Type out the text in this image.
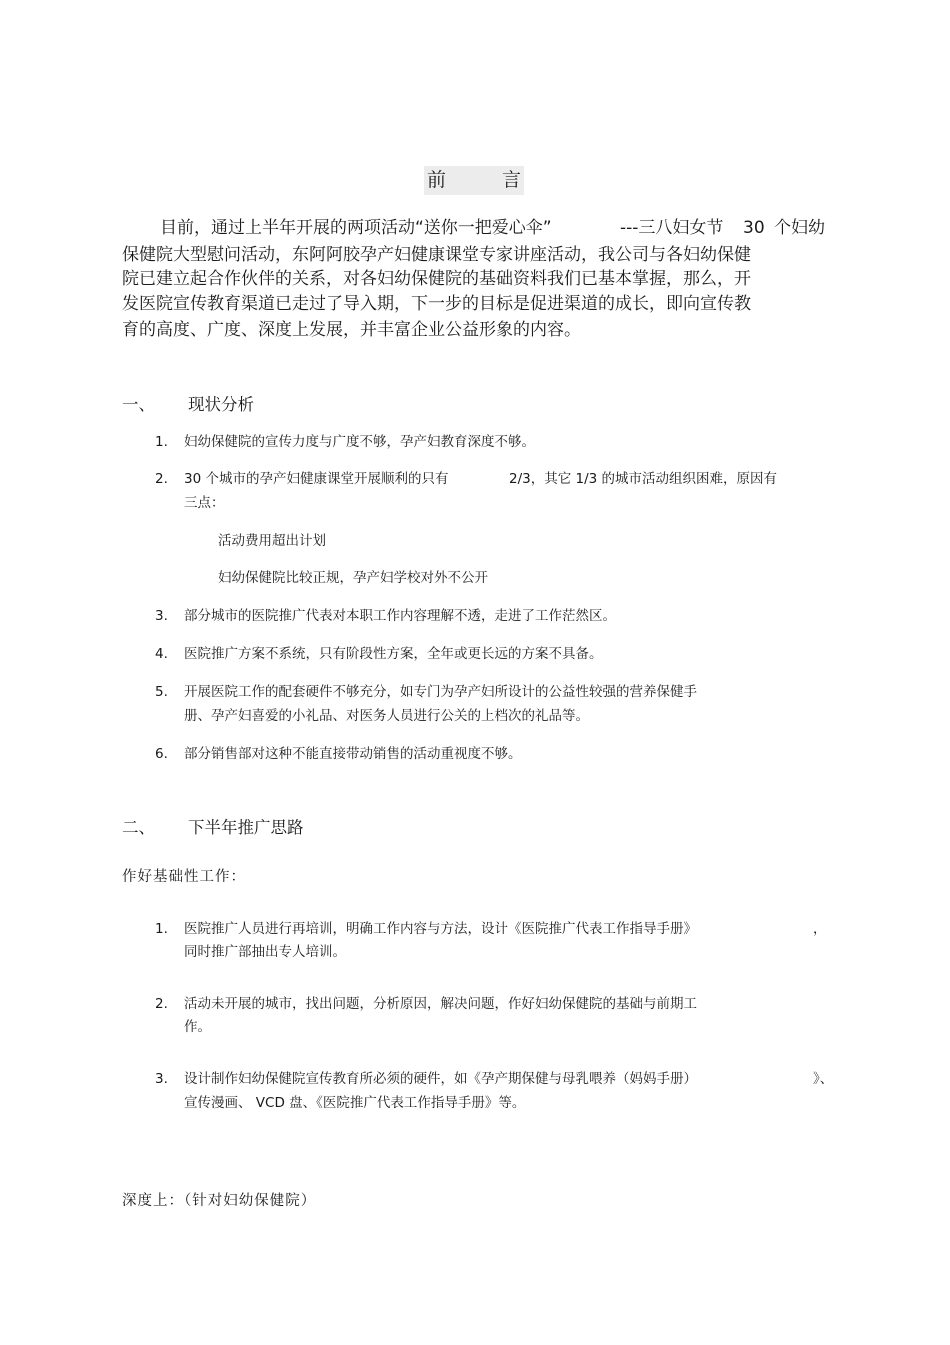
前	言
目前，通过上半年开展的两项活动“送你一把爱心伞”	---三八妇女节 30 个妇幼
保健院大型慰问活动，东阿阿胶孕产妇健康课堂专家讲座活动，我公司与各妇幼保健
院已建立起合作伙伴的关系，对各妇幼保健院的基础资料我们已基本掌握，那么，开
发医院宣传教育渠道已走过了导入期，下一步的目标是促进渠道的成长，即向宣传教
育的高度、广度、深度上发展，并丰富企业公益形象的内容。
一、 现状分析
1. 妇幼保健院的宣传力度与广度不够，孕产妇教育深度不够。
2. 30 个城市的孕产妇健康课堂开展顺利的只有	2/3，其它 1/3 的城市活动组织困难，原因有
三点：
活动费用超出计划
妇幼保健院比较正规，孕产妇学校对外不公开
3. 部分城市的医院推广代表对本职工作内容理解不透，走进了工作茫然区。
4. 医院推广方案不系统，只有阶段性方案，全年或更长远的方案不具备。
5. 开展医院工作的配套硬件不够充分，如专门为孕产妇所设计的公益性较强的营养保健手
册、孕产妇喜爱的小礼品、对医务人员进行公关的上档次的礼品等。
6. 部分销售部对这种不能直接带动销售的活动重视度不够。
二、 下半年推广思路
作好基础性工作：
1. 医院推广人员进行再培训，明确工作内容与方法，设计《医院推广代表工作指导手册》	，
同时推广部抽出专人培训。
2. 活动未开展的城市，找出问题，分析原因，解决问题，作好妇幼保健院的基础与前期工
作。
3. 设计制作妇幼保健院宣传教育所必须的硬件，如《孕产期保健与母乳喂养（妈妈手册）	》、
宣传漫画、 VCD 盘、《医院推广代表工作指导手册》等。
深度上：（针对妇幼保健院）
